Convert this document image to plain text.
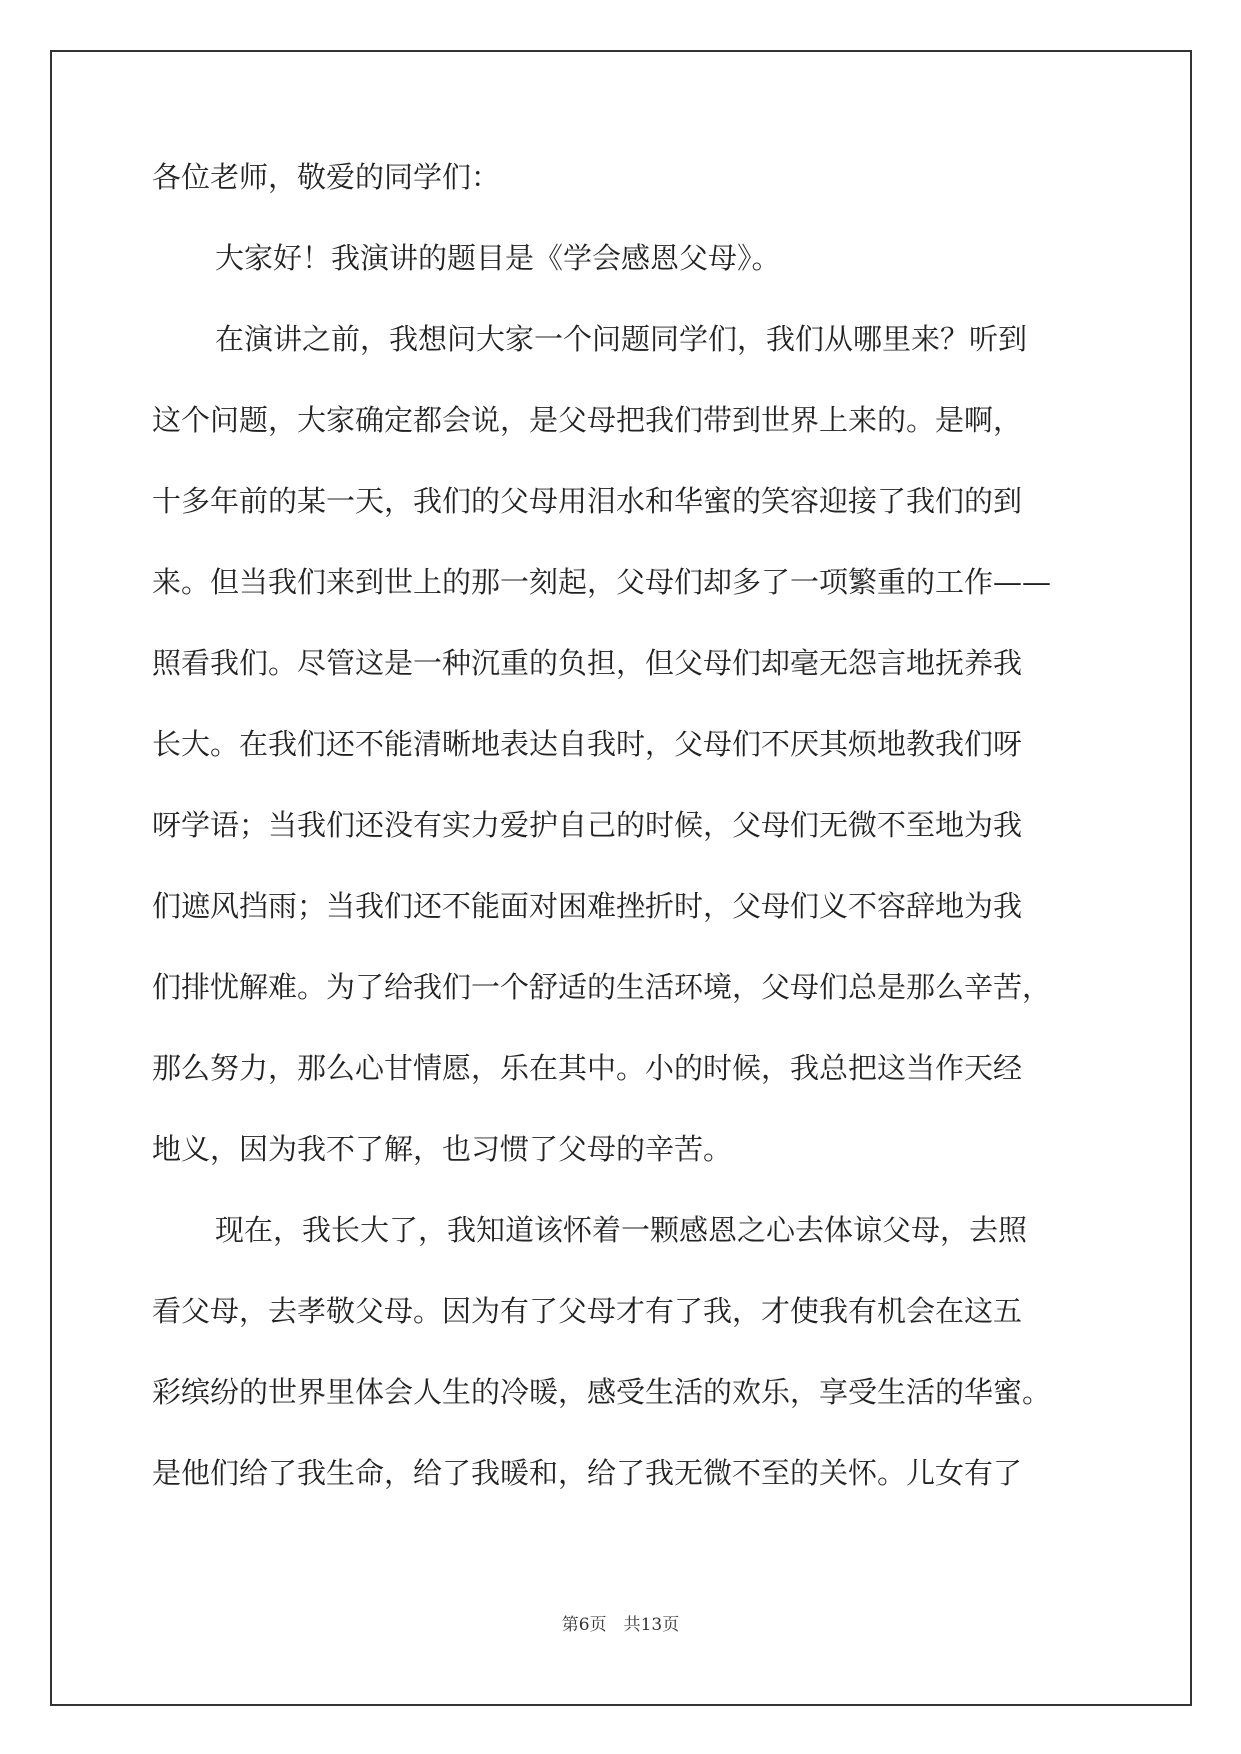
各位老师，敬爱的同学们：
大家好！我演讲的题目是《学会感恩父母》。
在演讲之前，我想问大家一个问题同学们，我们从哪里来？听到
这个问题，大家确定都会说，是父母把我们带到世界上来的。是啊，
十多年前的某一天，我们的父母用泪水和华蜜的笑容迎接了我们的到
来。但当我们来到世上的那一刻起，父母们却多了一项繁重的工作——
照看我们。尽管这是一种沉重的负担，但父母们却毫无怨言地抚养我
长大。在我们还不能清晰地表达自我时，父母们不厌其烦地教我们呀
呀学语；当我们还没有实力爱护自己的时候，父母们无微不至地为我
们遮风挡雨；当我们还不能面对困难挫折时，父母们义不容辞地为我
们排忧解难。为了给我们一个舒适的生活环境，父母们总是那么辛苦，
那么努力，那么心甘情愿，乐在其中。小的时候，我总把这当作天经
地义，因为我不了解，也习惯了父母的辛苦。
现在，我长大了，我知道该怀着一颗感恩之心去体谅父母，去照
看父母，去孝敬父母。因为有了父母才有了我，才使我有机会在这五
彩缤纷的世界里体会人生的冷暖，感受生活的欢乐，享受生活的华蜜。
是他们给了我生命，给了我暖和，给了我无微不至的关怀。儿女有了
第6页　共13页
